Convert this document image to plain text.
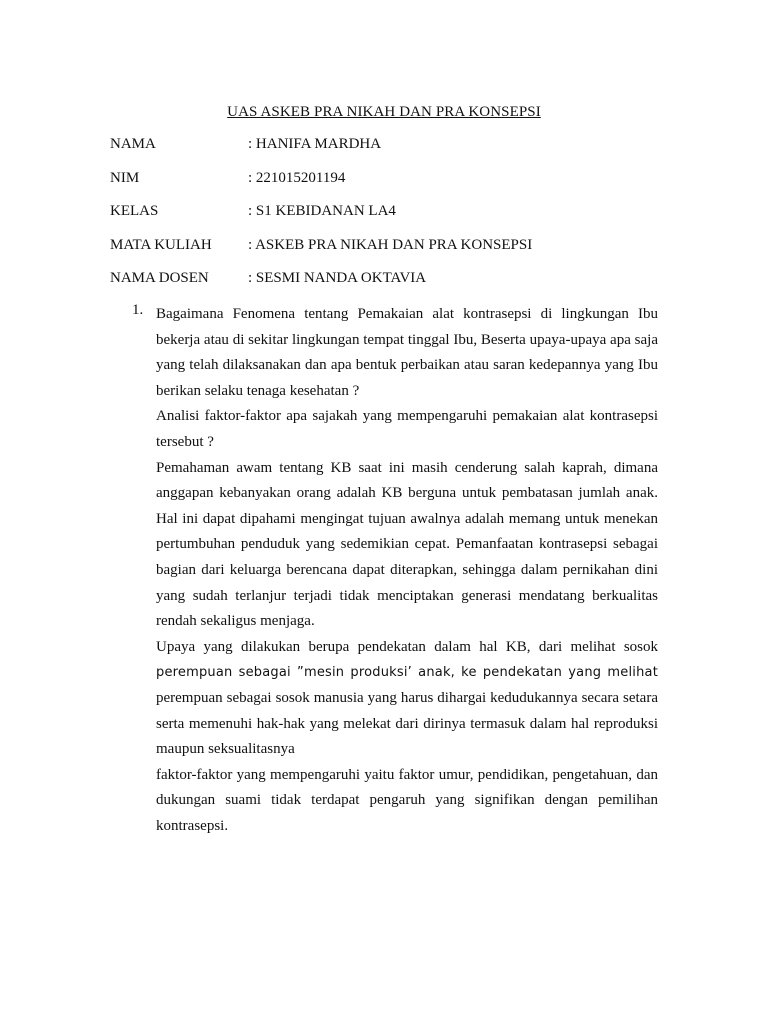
UAS ASKEB PRA NIKAH DAN PRA KONSEPSI
NAMA	: HANIFA MARDHA
NIM	: 221015201194
KELAS	: S1 KEBIDANAN LA4
MATA KULIAH : ASKEB PRA NIKAH DAN PRA KONSEPSI
NAMA DOSEN	: SESMI NANDA OKTAVIA
1. Bagaimana Fenomena tentang Pemakaian alat kontrasepsi di lingkungan Ibu bekerja atau di sekitar lingkungan tempat tinggal Ibu, Beserta upaya-upaya apa saja yang telah dilaksanakan dan apa bentuk perbaikan atau saran kedepannya yang Ibu berikan selaku tenaga kesehatan ?

Analisi faktor-faktor apa sajakah yang mempengaruhi pemakaian alat kontrasepsi tersebut ?

Pemahaman awam tentang KB saat ini masih cenderung salah kaprah, dimana anggapan kebanyakan orang adalah KB berguna untuk pembatasan jumlah anak. Hal ini dapat dipahami mengingat tujuan awalnya adalah memang untuk menekan pertumbuhan penduduk yang sedemikian cepat. Pemanfaatan kontrasepsi sebagai bagian dari keluarga berencana dapat diterapkan, sehingga dalam pernikahan dini yang sudah terlanjur terjadi tidak menciptakan generasi mendatang berkualitas rendah sekaligus menjaga.

Upaya yang dilakukan berupa pendekatan dalam hal KB, dari melihat sosok perempuan sebagai ”mesin produksi’ anak, ke pendekatan yang melihat perempuan sebagai sosok manusia yang harus dihargai kedudukannya secara setara serta memenuhi hak-hak yang melekat dari dirinya termasuk dalam hal reproduksi maupun seksualitasnya

faktor-faktor yang mempengaruhi yaitu faktor umur, pendidikan, pengetahuan, dan dukungan suami tidak terdapat pengaruh yang signifikan dengan pemilihan kontrasepsi.
